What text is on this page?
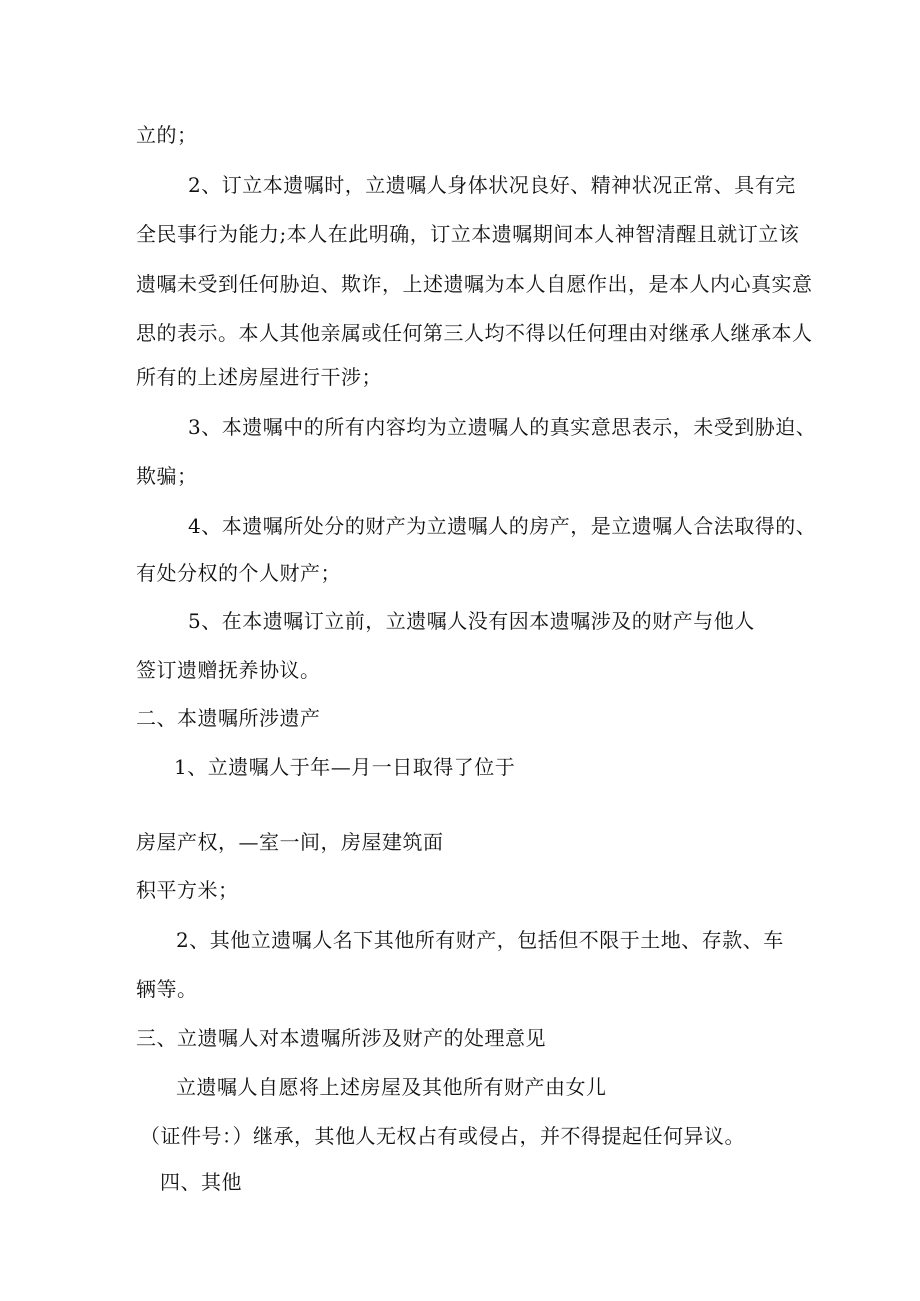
立的；
2、订立本遗嘱时，立遗嘱人身体状况良好、精神状况正常、具有完
全民事行为能力;本人在此明确，订立本遗嘱期间本人神智清醒且就订立该
遗嘱未受到任何胁迫、欺诈，上述遗嘱为本人自愿作出，是本人内心真实意
思的表示。本人其他亲属或任何第三人均不得以任何理由对继承人继承本人
所有的上述房屋进行干涉；
3、本遗嘱中的所有内容均为立遗嘱人的真实意思表示，未受到胁迫、
欺骗；
4、本遗嘱所处分的财产为立遗嘱人的房产，是立遗嘱人合法取得的、
有处分权的个人财产；
5、在本遗嘱订立前，立遗嘱人没有因本遗嘱涉及的财产与他人
签订遗赠抚养协议。
二、本遗嘱所涉遗产
1、立遗嘱人于年—月一日取得了位于
房屋产权，—室一间，房屋建筑面
积平方米；
2、其他立遗嘱人名下其他所有财产，包括但不限于土地、存款、车
辆等。
三、立遗嘱人对本遗嘱所涉及财产的处理意见
立遗嘱人自愿将上述房屋及其他所有财产由女儿
（证件号：）继承，其他人无权占有或侵占，并不得提起任何异议。
四、其他
